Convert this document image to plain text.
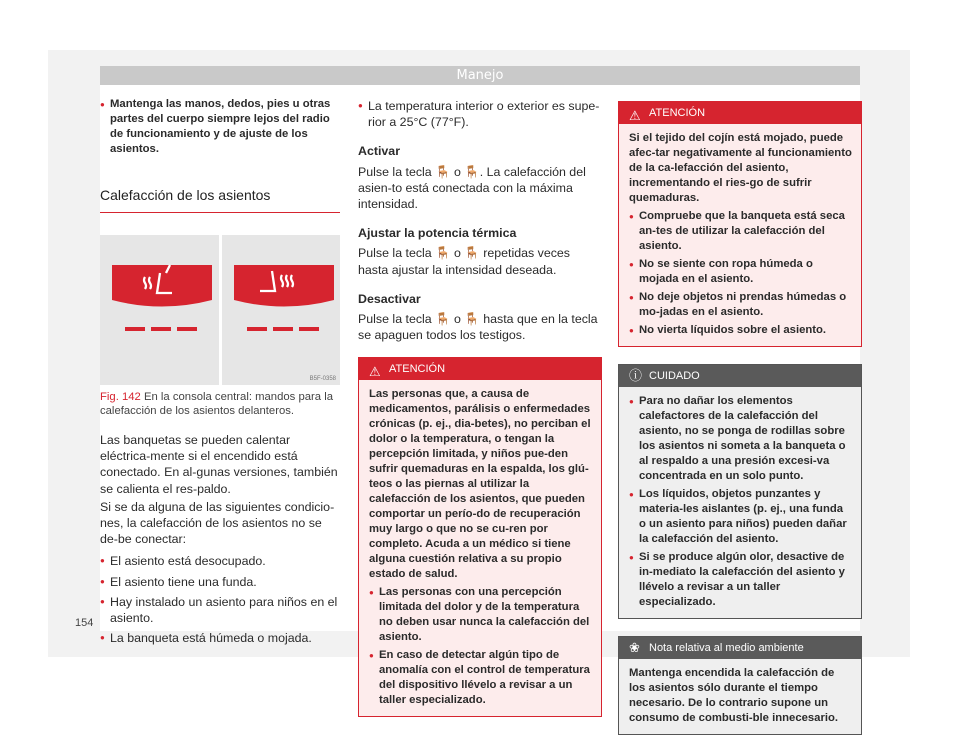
Manejo

● Mantenga las manos, dedos, pies u otras partes del cuerpo siempre lejos del radio de funcionamiento y de ajuste de los asientos.

Calefacción de los asientos

B5F-0358

Fig. 142 En la consola central: mandos para la calefacción de los asientos delanteros.

Las banquetas se pueden calentar eléctrica-mente si el encendido está conectado. En al-gunas versiones, también se calienta el res-paldo.

Si se da alguna de las siguientes condicio-nes, la calefacción de los asientos no se de-be conectar:

● El asiento está desocupado.

● El asiento tiene una funda.

● Hay instalado un asiento para niños en el asiento.

● La banqueta está húmeda o mojada.

● La temperatura interior o exterior es supe-rior a 25°C (77°F).

Activar

Pulse la tecla 🪑 o 🪑. La calefacción del asien-to está conectada con la máxima intensidad.

Ajustar la potencia térmica

Pulse la tecla 🪑 o 🪑 repetidas veces hasta ajustar la intensidad deseada.

Desactivar

Pulse la tecla 🪑 o 🪑 hasta que en la tecla se apaguen todos los testigos.

⚠ ATENCIÓN

Las personas que, a causa de medicamentos, parálisis o enfermedades crónicas (p. ej., dia-betes), no perciban el dolor o la temperatura, o tengan la percepción limitada, y niños pue-den sufrir quemaduras en la espalda, los glú-teos o las piernas al utilizar la calefacción de los asientos, que pueden comportar un perío-do de recuperación muy largo o que no se cu-ren por completo. Acuda a un médico si tiene alguna cuestión relativa a su propio estado de salud.

● Las personas con una percepción limitada del dolor y de la temperatura no deben usar nunca la calefacción del asiento.

● En caso de detectar algún tipo de anomalía con el control de temperatura del dispositivo llévelo a revisar a un taller especializado.

⚠ ATENCIÓN

Si el tejido del cojín está mojado, puede afec-tar negativamente al funcionamiento de la ca-lefacción del asiento, incrementando el ries-go de sufrir quemaduras.

● Compruebe que la banqueta está seca an-tes de utilizar la calefacción del asiento.

● No se siente con ropa húmeda o mojada en el asiento.

● No deje objetos ni prendas húmedas o mo-jadas en el asiento.

● No vierta líquidos sobre el asiento.

ⓘ CUIDADO

● Para no dañar los elementos calefactores de la calefacción del asiento, no se ponga de rodillas sobre los asientos ni someta a la banqueta o al respaldo a una presión excesi-va concentrada en un solo punto.

● Los líquidos, objetos punzantes y materia-les aislantes (p. ej., una funda o un asiento para niños) pueden dañar la calefacción del asiento.

● Si se produce algún olor, desactive de in-mediato la calefacción del asiento y llévelo a revisar a un taller especializado.

❀ Nota relativa al medio ambiente

Mantenga encendida la calefacción de los asientos sólo durante el tiempo necesario. De lo contrario supone un consumo de combusti-ble innecesario.

154
